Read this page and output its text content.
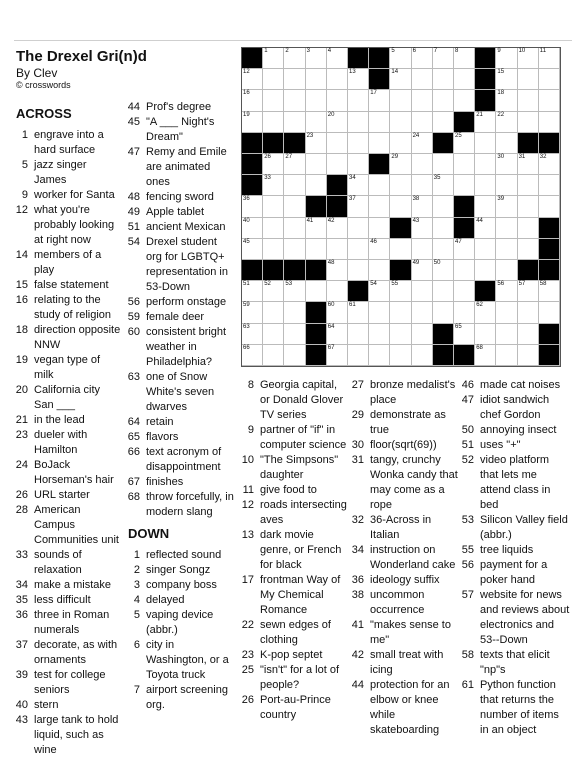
The Drexel Gri(n)d
By Clev
© crosswords
ACROSS
1 engrave into a hard surface
5 jazz singer James
9 worker for Santa
12 what you're probably looking at right now
14 members of a play
15 false statement
16 relating to the study of religion
18 direction opposite NNW
19 vegan type of milk
20 California city San ___
21 in the lead
23 dueler with Hamilton
24 BoJack Horseman's hair
26 URL starter
28 American Campus Communities unit
33 sounds of relaxation
34 make a mistake
35 less difficult
36 three in Roman numerals
37 decorate, as with ornaments
39 test for college seniors
40 stern
43 large tank to hold liquid, such as wine
44 Prof's degree
45 "A ___ Night's Dream"
47 Remy and Emile are animated ones
48 fencing sword
49 Apple tablet
51 ancient Mexican
54 Drexel student org for LGBTQ+ representation in 53-Down
56 perform onstage
59 female deer
60 consistent bright weather in Philadelphia?
63 one of Snow White's seven dwarves
64 retain
65 flavors
66 text acronym of disappointment
67 finishes
68 throw forcefully, in modern slang
DOWN
1 reflected sound
2 singer Songz
3 company boss
4 delayed
5 vaping device (abbr.)
6 city in Washington, or a Toyota truck
7 airport screening org.
8 Georgia capital, or Donald Glover TV series
9 partner of "if" in computer science
10 "The Simpsons" daughter
11 give food to
12 roads intersecting aves
13 dark movie genre, or French for black
17 frontman Way of My Chemical Romance
22 sewn edges of clothing
23 K-pop septet
25 "isn't" for a lot of people?
26 Port-au-Prince country
27 bronze medalist's place
29 demonstrate as true
30 floor(sqrt(69))
31 tangy, crunchy Wonka candy that may come as a rope
32 36-Across in Italian
34 instruction on Wonderland cake
36 ideology suffix
38 uncommon occurrence
41 "makes sense to me"
42 small treat with icing
44 protection for an elbow or knee while skateboarding
46 made cat noises
47 idiot sandwich chef Gordon
50 annoying insect
51 uses "+"
52 video platform that lets me attend class in bed
53 Silicon Valley field (abbr.)
55 tree liquids
56 payment for a poker hand
57 website for news and reviews about electronics and 53--Down
58 texts that elicit "np"s
61 Python function that returns the number of items in an object
1	2	3	4	5	6	7	8	9	10 11
12	13	14	15
16	17	18
19	20	21 22
23	24	25
26 27	29	30 31 32
33	34	35
36	37	38	39
40	41 42	43	44
45	46	47
48	49 50
51 52 53	54 55	56 57 58
59	60 61	62
63	64	65
66	67	68
